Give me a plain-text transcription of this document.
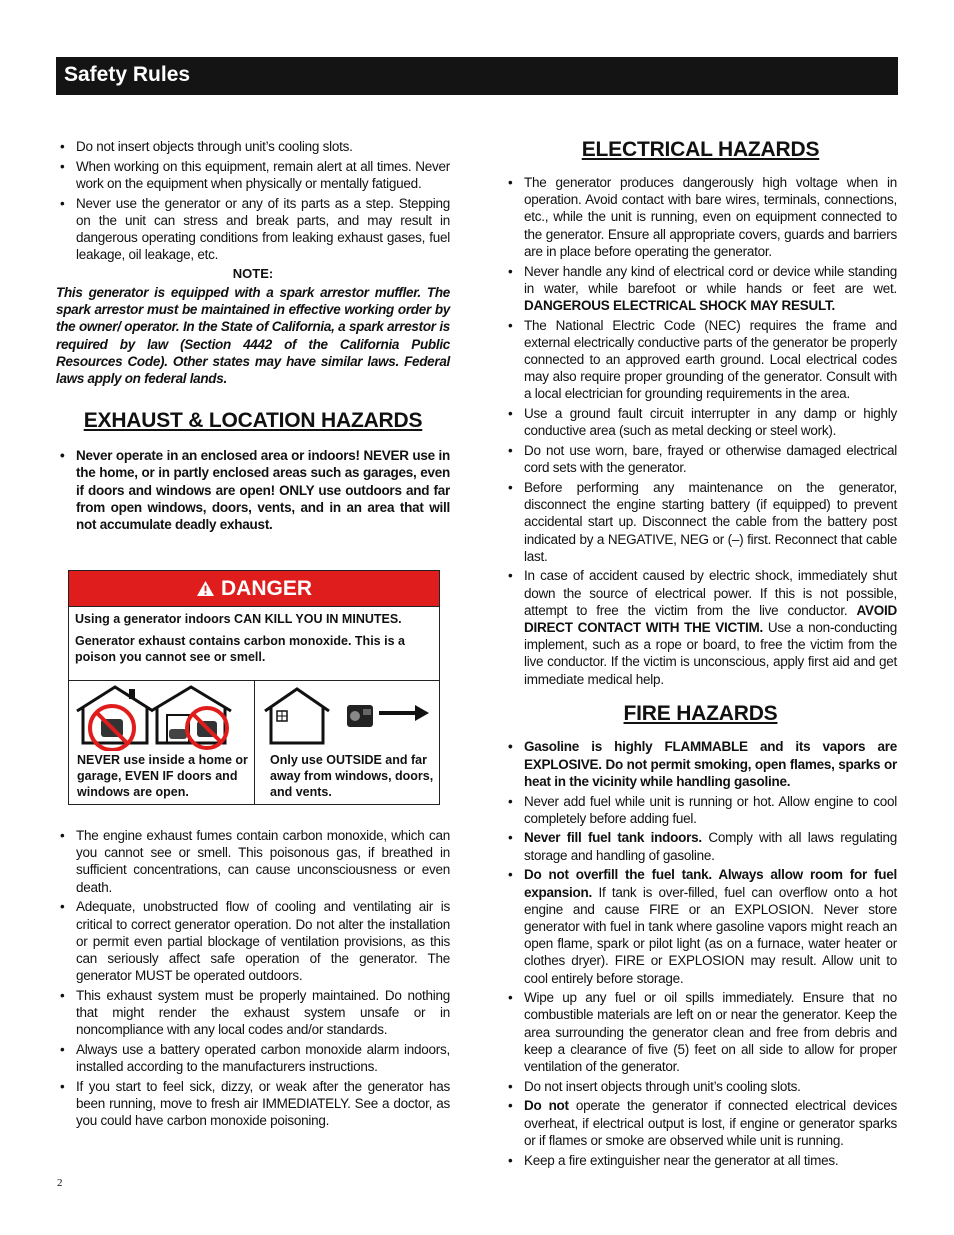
Safety Rules
• Do not insert objects through unit’s cooling slots.
• When working on this equipment, remain alert at all times. Never work on the equipment when physically or mentally fatigued.
• Never use the generator or any of its parts as a step. Stepping on the unit can stress and break parts, and may result in dangerous operating conditions from leaking exhaust gases, fuel leakage, oil leakage, etc.
NOTE:
This generator is equipped with a spark arrestor muffler. The spark arrestor must be maintained in effective working order by the owner/ operator. In the State of California, a spark arrestor is required by law (Section 4442 of the California Public Resources Code). Other states may have similar laws. Federal laws apply on federal lands.
EXHAUST & LOCATION HAZARDS
• Never operate in an enclosed area or indoors! NEVER use in the home, or in partly enclosed areas such as garages, even if doors and windows are open! ONLY use outdoors and far from open windows, doors, vents, and in an area that will not accumulate deadly exhaust.
DANGER

Using a generator indoors CAN KILL YOU IN MINUTES.

Generator exhaust contains carbon monoxide. This is a poison you cannot see or smell.

NEVER use inside a home or garage, EVEN IF doors and windows are open.
Only use OUTSIDE and far away from windows, doors, and vents.
• The engine exhaust fumes contain carbon monoxide, which can you cannot see or smell. This poisonous gas, if breathed in sufficient concentrations, can cause unconsciousness or even death.
• Adequate, unobstructed flow of cooling and ventilating air is critical to correct generator operation. Do not alter the installation or permit even partial blockage of ventilation provisions, as this can seriously affect safe operation of the generator. The generator MUST be operated outdoors.
• This exhaust system must be properly maintained. Do nothing that might render the exhaust system unsafe or in noncompliance with any local codes and/or standards.
• Always use a battery operated carbon monoxide alarm indoors, installed according to the manufacturers instructions.
• If you start to feel sick, dizzy, or weak after the generator has been running, move to fresh air IMMEDIATELY. See a doctor, as you could have carbon monoxide poisoning.
ELECTRICAL HAZARDS
• The generator produces dangerously high voltage when in operation. Avoid contact with bare wires, terminals, connections, etc., while the unit is running, even on equipment connected to the generator. Ensure all appropriate covers, guards and barriers are in place before operating the generator.
• Never handle any kind of electrical cord or device while standing in water, while barefoot or while hands or feet are wet. DANGEROUS ELECTRICAL SHOCK MAY RESULT.
• The National Electric Code (NEC) requires the frame and external electrically conductive parts of the generator be properly connected to an approved earth ground. Local electrical codes may also require proper grounding of the generator. Consult with a local electrician for grounding requirements in the area.
• Use a ground fault circuit interrupter in any damp or highly conductive area (such as metal decking or steel work).
• Do not use worn, bare, frayed or otherwise damaged electrical cord sets with the generator.
• Before performing any maintenance on the generator, disconnect the engine starting battery (if equipped) to prevent accidental start up. Disconnect the cable from the battery post indicated by a NEGATIVE, NEG or (–) first. Reconnect that cable last.
• In case of accident caused by electric shock, immediately shut down the source of electrical power. If this is not possible, attempt to free the victim from the live conductor. AVOID DIRECT CONTACT WITH THE VICTIM. Use a non-conducting implement, such as a rope or board, to free the victim from the live conductor. If the victim is unconscious, apply first aid and get immediate medical help.
FIRE HAZARDS
• Gasoline is highly FLAMMABLE and its vapors are EXPLOSIVE. Do not permit smoking, open flames, sparks or heat in the vicinity while handling gasoline.
• Never add fuel while unit is running or hot. Allow engine to cool completely before adding fuel.
• Never fill fuel tank indoors. Comply with all laws regulating storage and handling of gasoline.
• Do not overfill the fuel tank. Always allow room for fuel expansion. If tank is over-filled, fuel can overflow onto a hot engine and cause FIRE or an EXPLOSION. Never store generator with fuel in tank where gasoline vapors might reach an open flame, spark or pilot light (as on a furnace, water heater or clothes dryer). FIRE or EXPLOSION may result. Allow unit to cool entirely before storage.
• Wipe up any fuel or oil spills immediately. Ensure that no combustible materials are left on or near the generator. Keep the area surrounding the generator clean and free from debris and keep a clearance of five (5) feet on all side to allow for proper ventilation of the generator.
• Do not insert objects through unit’s cooling slots.
• Do not operate the generator if connected electrical devices overheat, if electrical output is lost, if engine or generator sparks or if flames or smoke are observed while unit is running.
• Keep a fire extinguisher near the generator at all times.
2
